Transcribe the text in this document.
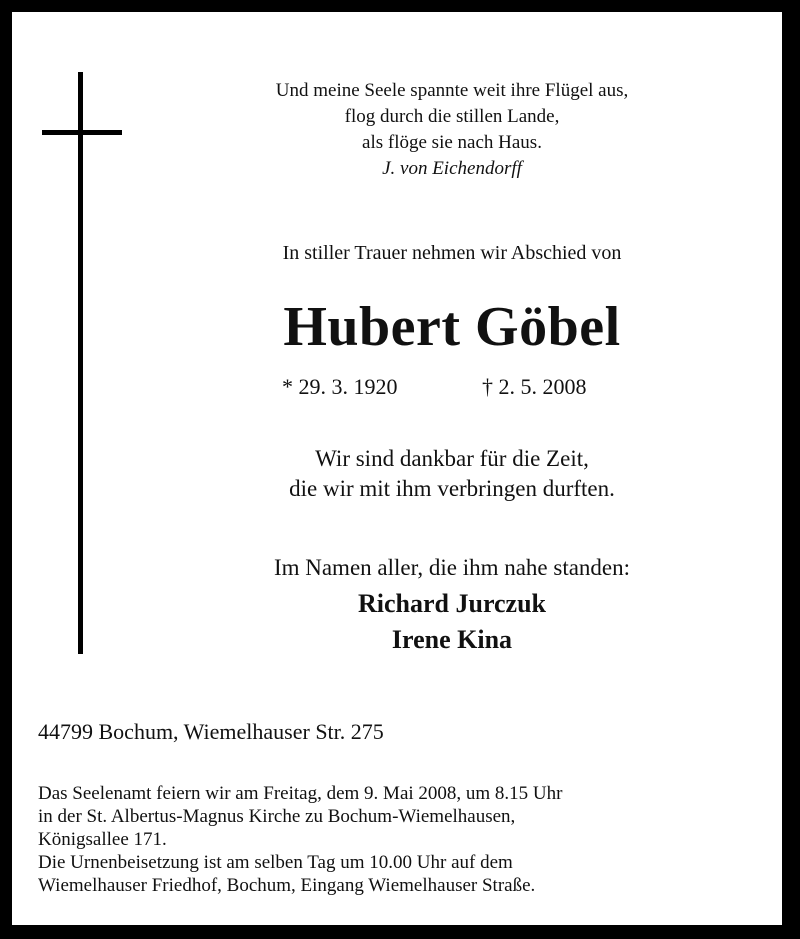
Und meine Seele spannte weit ihre Flügel aus,
flog durch die stillen Lande,
als flöge sie nach Haus.
J. von Eichendorff
In stiller Trauer nehmen wir Abschied von
Hubert Göbel
* 29. 3. 1920	† 2. 5. 2008
Wir sind dankbar für die Zeit,
die wir mit ihm verbringen durften.
Im Namen aller, die ihm nahe standen:
Richard Jurczuk
Irene Kina
44799 Bochum, Wiemelhauser Str. 275
Das Seelenamt feiern wir am Freitag, dem 9. Mai 2008, um 8.15 Uhr
in der St. Albertus-Magnus Kirche zu Bochum-Wiemelhausen,
Königsallee 171.
Die Urnenbeisetzung ist am selben Tag um 10.00 Uhr auf dem
Wiemelhauser Friedhof, Bochum, Eingang Wiemelhauser Straße.
